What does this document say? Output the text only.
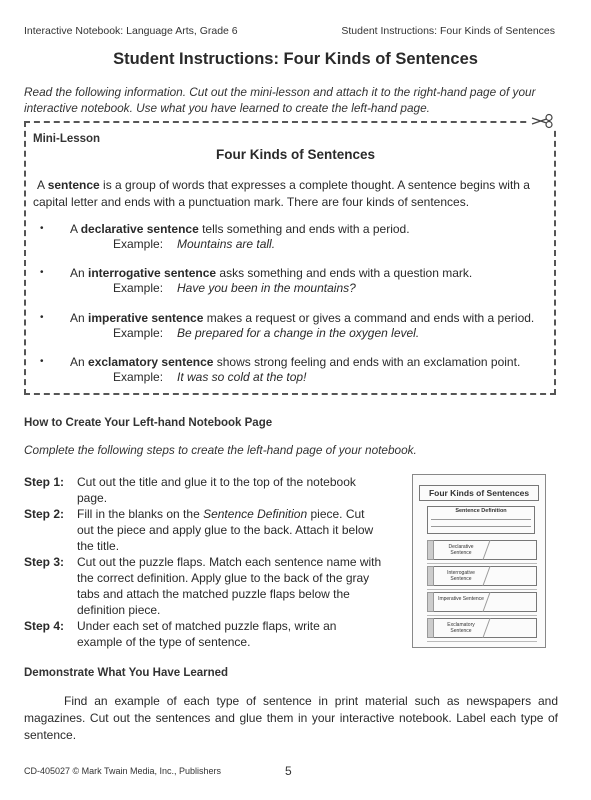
Interactive Notebook: Language Arts, Grade 6	Student Instructions: Four Kinds of Sentences
Student Instructions: Four Kinds of Sentences
Read the following information. Cut out the mini-lesson and attach it to the right-hand page of your interactive notebook. Use what you have learned to create the left-hand page.
Mini-Lesson
Four Kinds of Sentences
A sentence is a group of words that expresses a complete thought. A sentence begins with a capital letter and ends with a punctuation mark. There are four kinds of sentences.
• A declarative sentence tells something and ends with a period.
Example: Mountains are tall.
• An interrogative sentence asks something and ends with a question mark.
Example: Have you been in the mountains?
• An imperative sentence makes a request or gives a command and ends with a period.
Example: Be prepared for a change in the oxygen level.
• An exclamatory sentence shows strong feeling and ends with an exclamation point.
Example: It was so cold at the top!
How to Create Your Left-hand Notebook Page
Complete the following steps to create the left-hand page of your notebook.
Step 1: Cut out the title and glue it to the top of the notebook page.
Step 2: Fill in the blanks on the Sentence Definition piece. Cut out the piece and apply glue to the back. Attach it below the title.
Step 3: Cut out the puzzle flaps. Match each sentence name with the correct definition. Apply glue to the back of the gray tabs and attach the matched puzzle flaps below the definition piece.
Step 4: Under each set of matched puzzle flaps, write an example of the type of sentence.
Four Kinds of Sentences
Sentence Definition
Declarative Sentence
Interrogative Sentence
Imperative Sentence
Exclamatory Sentence
Demonstrate What You Have Learned
Find an example of each type of sentence in print material such as newspapers and magazines. Cut out the sentences and glue them in your interactive notebook. Label each type of sentence.
CD-405027 © Mark Twain Media, Inc., Publishers	5
